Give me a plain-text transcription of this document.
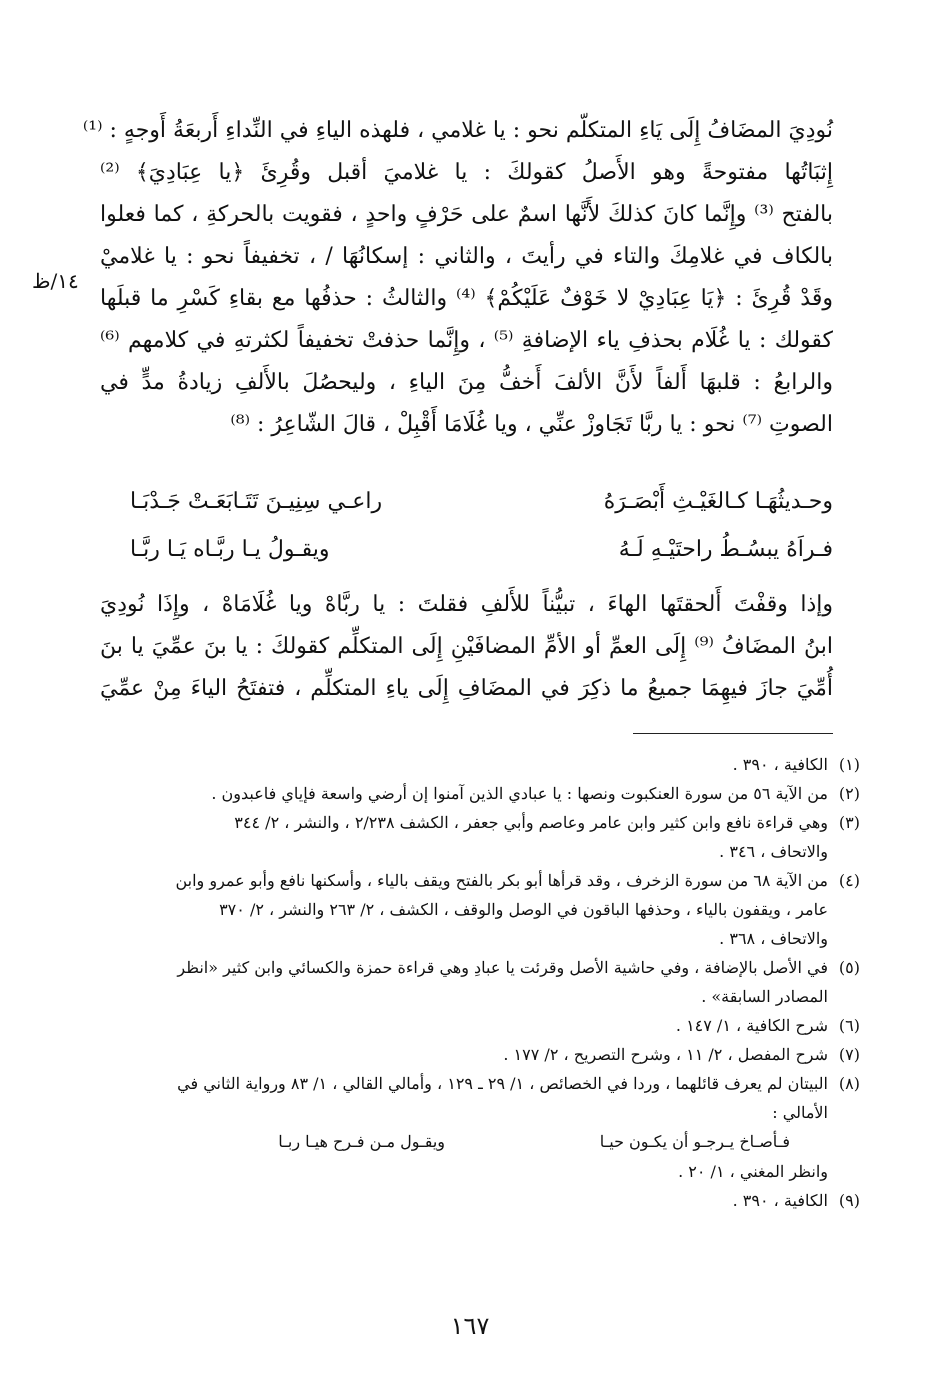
نُودِيَ المضَافُ إِلَى يَاءِ المتكلّم نحو : يا غلامي ، فلهذه الياءِ في النِّداءِ أَربعَةُ أَوجهٍ : ⁽¹⁾
إِثبَاتُها مفتوحةً وهو الأَصلُ كقولكَ : يا غلاميَ أقبل وقُرِئَ ﴿يا عِبَادِيَ﴾ ⁽²⁾
بالفتح ⁽³⁾ وإِنَّما كانَ كذلكَ لأَنَّها اسمٌ على حَرْفٍ واحدٍ ، فقويت بالحركةِ ، كما فعلوا
بالكاف في غلامِكَ والتاء في رأيتَ ، والثاني : إسكانُهَا / ، تخفيفاً نحو : يا غلاميْ
وقَدْ قُرِئَ : ﴿يَا عِبَادِيْ لا خَوْفٌ عَلَيْكُمْ﴾ ⁽⁴⁾ والثالثُ : حذفُها مع بقاءِ كَسْرِ ما قبلَها
كقولك : يا غُلَام بحذفِ ياء الإضافةِ ⁽⁵⁾ ، وإِنَّما حذفتْ تخفيفاً لكثرتهِ في كلامهم ⁽⁶⁾
والرابعُ : قلبهَا أَلفاً لأَنَّ الألفَ أَخفُّ مِنَ الياءِ ، وليحصُلَ بالأَلفِ زيادةُ مدٍّ في
الصوتِ ⁽⁷⁾ نحو : يا ربَّا تَجَاوزْ عنِّي ، ويا غُلَامَا أَقْبِلْ ، قالَ الشّاعِرُ : ⁽⁸⁾
١٤/ظ
وحـديثُهَـا كـالغَيْـثِ أَبْصَـرَهُ
راعـي سِنِيـنَ تَتَـابَعَـتْ جَـدْبَـا
فـراَهُ يبسُـطُ راحتَيْـهِ لَـهُ
ويقـولُ يـا ربَّـاه يَـا ربَّـا
وإذا وقفْتَ أَلحقتَها الهاءَ ، تبيُّناً للأَلفِ فقلتَ : يا ربَّاهْ ويا غُلَامَاهْ ، وإِذَا نُودِيَ
ابنُ المضَافُ ⁽⁹⁾ إِلَى العمِّ أو الأمِّ المضافَيْنِ إِلَى المتكلِّم كقولكَ : يا بنَ عمِّيَ يا بنَ
أُمِّيَ جازَ فيهِمَا جميعُ ما ذكِرَ في المضَافِ إِلَى ياءِ المتكلِّم ، فتفتَحُ الياءَ مِنْ عمِّيَ
(١)
الكافية ، ٣٩٠ .
(٢)
من الآية ٥٦ من سورة العنكبوت ونصها : يا عبادي الذين آمنوا إن أرضي واسعة فإياي فاعبدون .
(٣)
وهي قراءة نافع وابن كثير وابن عامر وعاصم وأبي جعفر ، الكشف ٢/٢٣٨ ، والنشر ، ٢/ ٣٤٤
والاتحاف ، ٣٤٦ .
(٤)
من الآية ٦٨ من سورة الزخرف ، وقد قرأها أبو بكر بالفتح ويقف بالياء ، وأسكنها نافع وأبو عمرو وابن
عامر ، ويقفون بالياء ، وحذفها الباقون في الوصل والوقف ، الكشف ، ٢/ ٢٦٣ والنشر ، ٢/ ٣٧٠
والاتحاف ، ٣٦٨ .
(٥)
في الأصل بالإضافة ، وفي حاشية الأصل وقرئت يا عبادِ وهي قراءة حمزة والكسائي وابن كثير «انظر
المصادر السابقة» .
(٦)
شرح الكافية ، ١/ ١٤٧ .
(٧)
شرح المفصل ، ٢/ ١١ ، وشرح التصريح ، ٢/ ١٧٧ .
(٨)
البيتان لم يعرف قائلهما ، وردا في الخصائص ، ١/ ٢٩ ـ ١٢٩ ، وأمالي القالي ، ١/ ٨٣ ورواية الثاني في
الأمالي :
فـأصـاخ يـرجـو أن يكـون حيـا
ويقـول مـن فـرح هيـا ربـا
وانظر المغني ، ١/ ٢٠ .
(٩)
الكافية ، ٣٩٠ .
١٦٧
